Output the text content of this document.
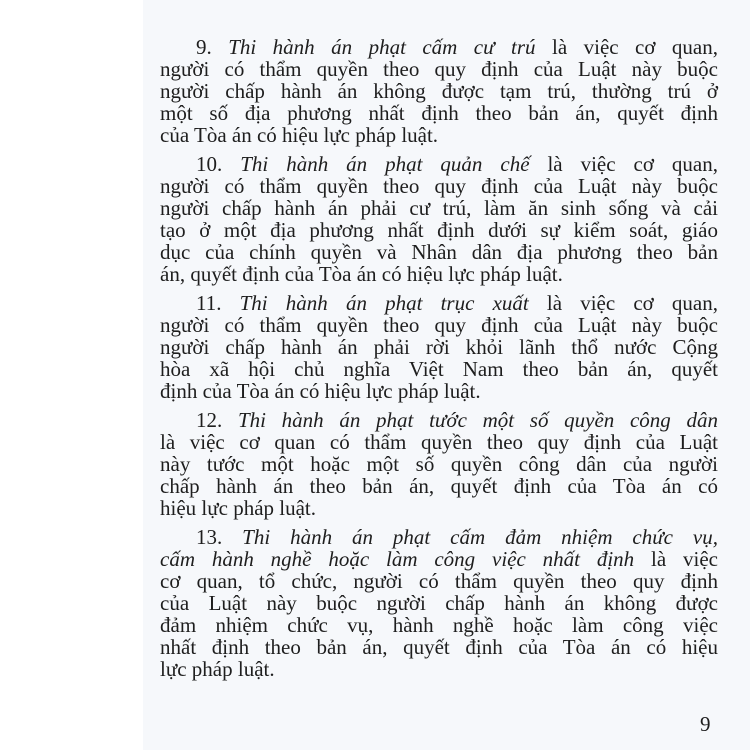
9. Thi hành án phạt cấm cư trú là việc cơ quan,
người có thẩm quyền theo quy định của Luật này buộc
người chấp hành án không được tạm trú, thường trú ở
một số địa phương nhất định theo bản án, quyết định
của Tòa án có hiệu lực pháp luật.
10. Thi hành án phạt quản chế là việc cơ quan,
người có thẩm quyền theo quy định của Luật này buộc
người chấp hành án phải cư trú, làm ăn sinh sống và cải
tạo ở một địa phương nhất định dưới sự kiểm soát, giáo
dục của chính quyền và Nhân dân địa phương theo bản
án, quyết định của Tòa án có hiệu lực pháp luật.
11. Thi hành án phạt trục xuất là việc cơ quan,
người có thẩm quyền theo quy định của Luật này buộc
người chấp hành án phải rời khỏi lãnh thổ nước Cộng
hòa xã hội chủ nghĩa Việt Nam theo bản án, quyết
định của Tòa án có hiệu lực pháp luật.
12. Thi hành án phạt tước một số quyền công dân
là việc cơ quan có thẩm quyền theo quy định của Luật
này tước một hoặc một số quyền công dân của người
chấp hành án theo bản án, quyết định của Tòa án có
hiệu lực pháp luật.
13. Thi hành án phạt cấm đảm nhiệm chức vụ,
cấm hành nghề hoặc làm công việc nhất định là việc
cơ quan, tổ chức, người có thẩm quyền theo quy định
của Luật này buộc người chấp hành án không được
đảm nhiệm chức vụ, hành nghề hoặc làm công việc
nhất định theo bản án, quyết định của Tòa án có hiệu
lực pháp luật.
9
